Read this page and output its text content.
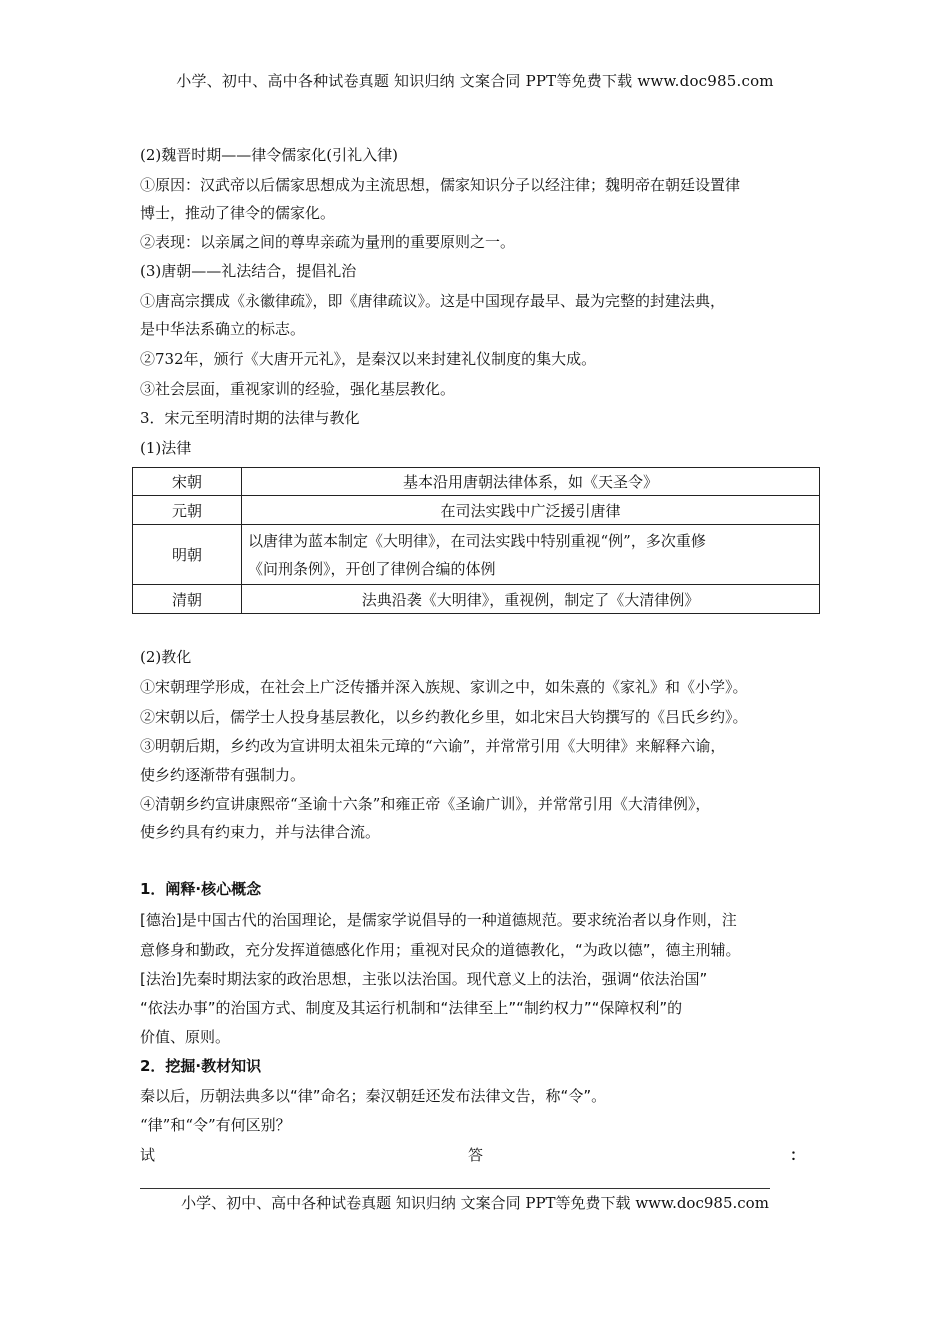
小学、初中、高中各种试卷真题 知识归纳 文案合同 PPT等免费下载 www.doc985.com
(2)魏晋时期——律令儒家化(引礼入律)
①原因：汉武帝以后儒家思想成为主流思想，儒家知识分子以经注律；魏明帝在朝廷设置律
博士，推动了律令的儒家化。
②表现：以亲属之间的尊卑亲疏为量刑的重要原则之一。
(3)唐朝——礼法结合，提倡礼治
①唐高宗撰成《永徽律疏》，即《唐律疏议》。这是中国现存最早、最为完整的封建法典，
是中华法系确立的标志。
②732年，颁行《大唐开元礼》，是秦汉以来封建礼仪制度的集大成。
③社会层面，重视家训的经验，强化基层教化。
3．宋元至明清时期的法律与教化
(1)法律
宋朝	基本沿用唐朝法律体系，如《天圣令》
元朝	在司法实践中广泛援引唐律
明朝	以唐律为蓝本制定《大明律》，在司法实践中特别重视“例”，多次重修
《问刑条例》，开创了律例合编的体例

清朝	法典沿袭《大明律》，重视例，制定了《大清律例》
(2)教化
①宋朝理学形成，在社会上广泛传播并深入族规、家训之中，如朱熹的《家礼》和《小学》。
②宋朝以后，儒学士人投身基层教化，以乡约教化乡里，如北宋吕大钧撰写的《吕氏乡约》。
③明朝后期，乡约改为宣讲明太祖朱元璋的“六谕”，并常常引用《大明律》来解释六谕，
使乡约逐渐带有强制力。
④清朝乡约宣讲康熙帝“圣谕十六条”和雍正帝《圣谕广训》，并常常引用《大清律例》，
使乡约具有约束力，并与法律合流。
1．阐释·核心概念
[德治]是中国古代的治国理论，是儒家学说倡导的一种道德规范。要求统治者以身作则，注
意修身和勤政，充分发挥道德感化作用；重视对民众的道德教化，“为政以德”，德主刑辅。
[法治]先秦时期法家的政治思想，主张以法治国。现代意义上的法治，强调“依法治国”
“依法办事”的治国方式、制度及其运行机制和“法律至上”“制约权力”“保障权利”的
价值、原则。
2．挖掘·教材知识
秦以后，历朝法典多以“律”命名；秦汉朝廷还发布法律文告，称“令”。
“律”和“令”有何区别？
试	答	：
小学、初中、高中各种试卷真题 知识归纳 文案合同 PPT等免费下载 www.doc985.com
